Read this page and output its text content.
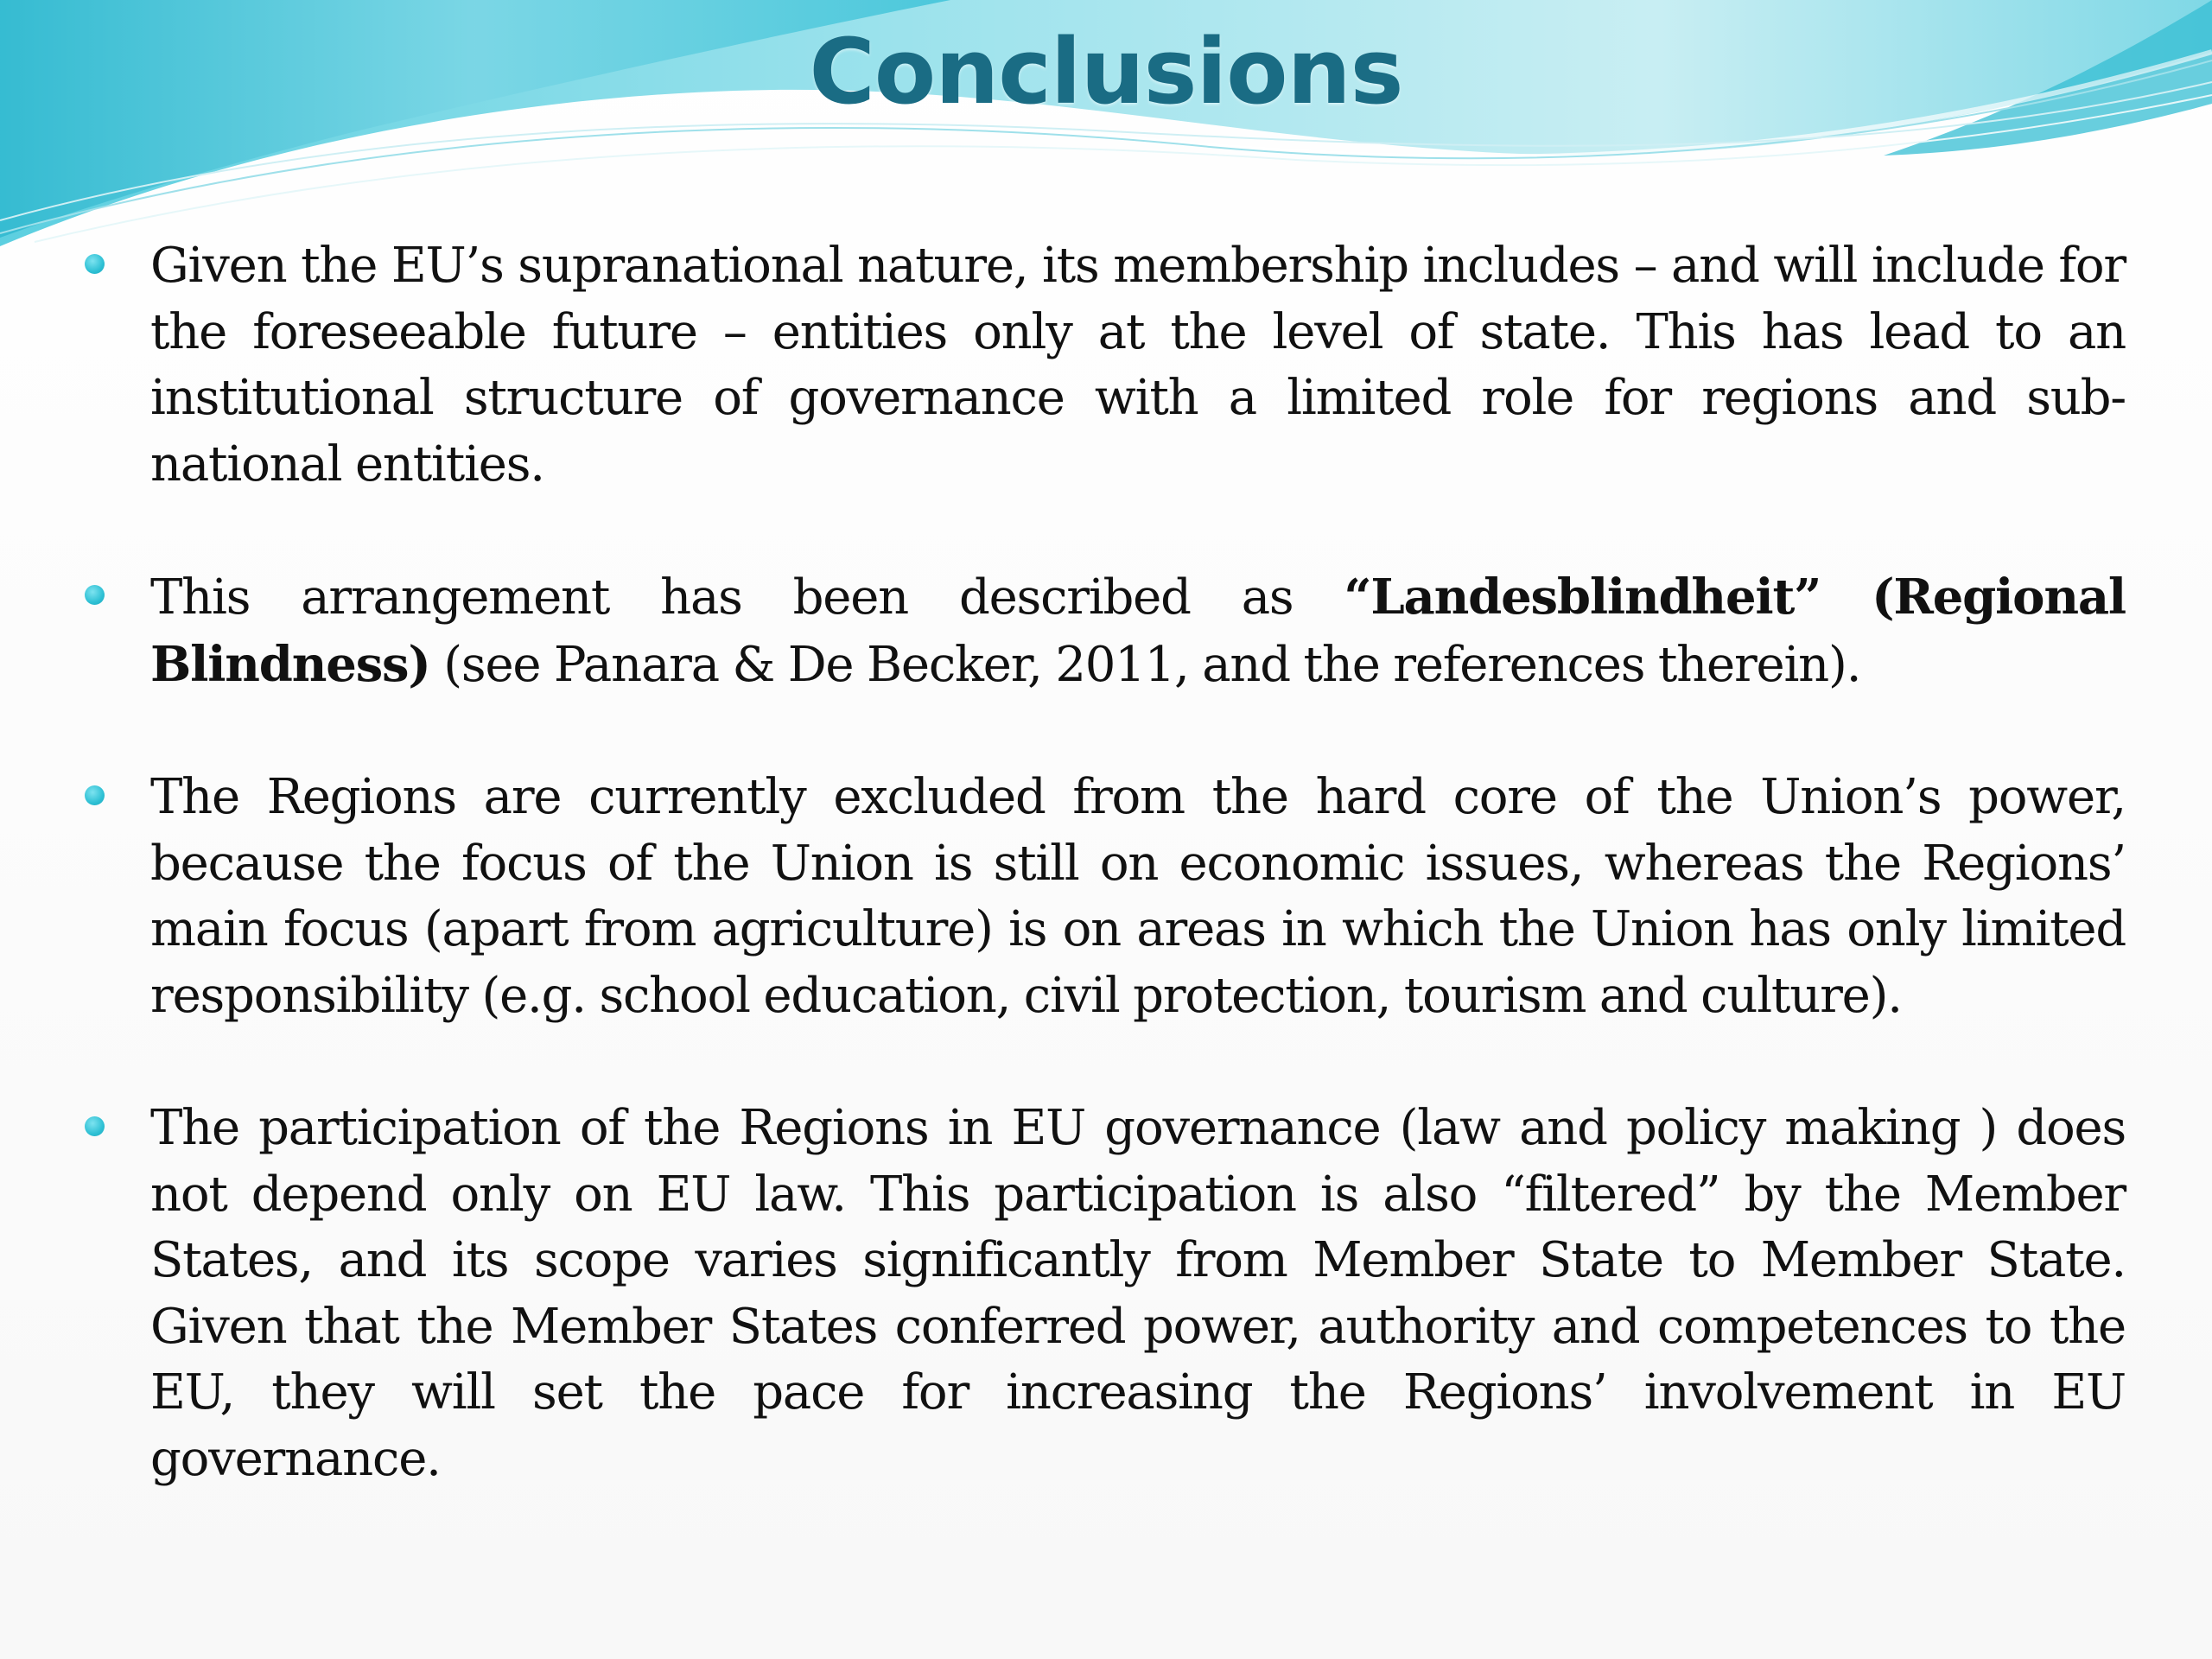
Conclusions
Given the EU’s supranational nature, its membership includes – and will include for the foreseeable future – entities only at the level of state. This has lead to an institutional structure of governance with a limited role for regions and sub-national entities.
This arrangement has been described as “Landesblindheit” (Regional Blindness) (see Panara & De Becker, 2011, and the references therein).
The Regions are currently excluded from the hard core of the Union’s power, because the focus of the Union is still on economic issues, whereas the Regions’ main focus (apart from agriculture) is on areas in which the Union has only limited responsibility (e.g. school education, civil protection, tourism and culture).
The participation of the Regions in EU governance (law and policy making ) does not depend only on EU law. This participation is also “filtered” by the Member States, and its scope varies significantly from Member State to Member State. Given that the Member States conferred power, authority and competences to the EU, they will set the pace for increasing the Regions’ involvement in EU governance.
